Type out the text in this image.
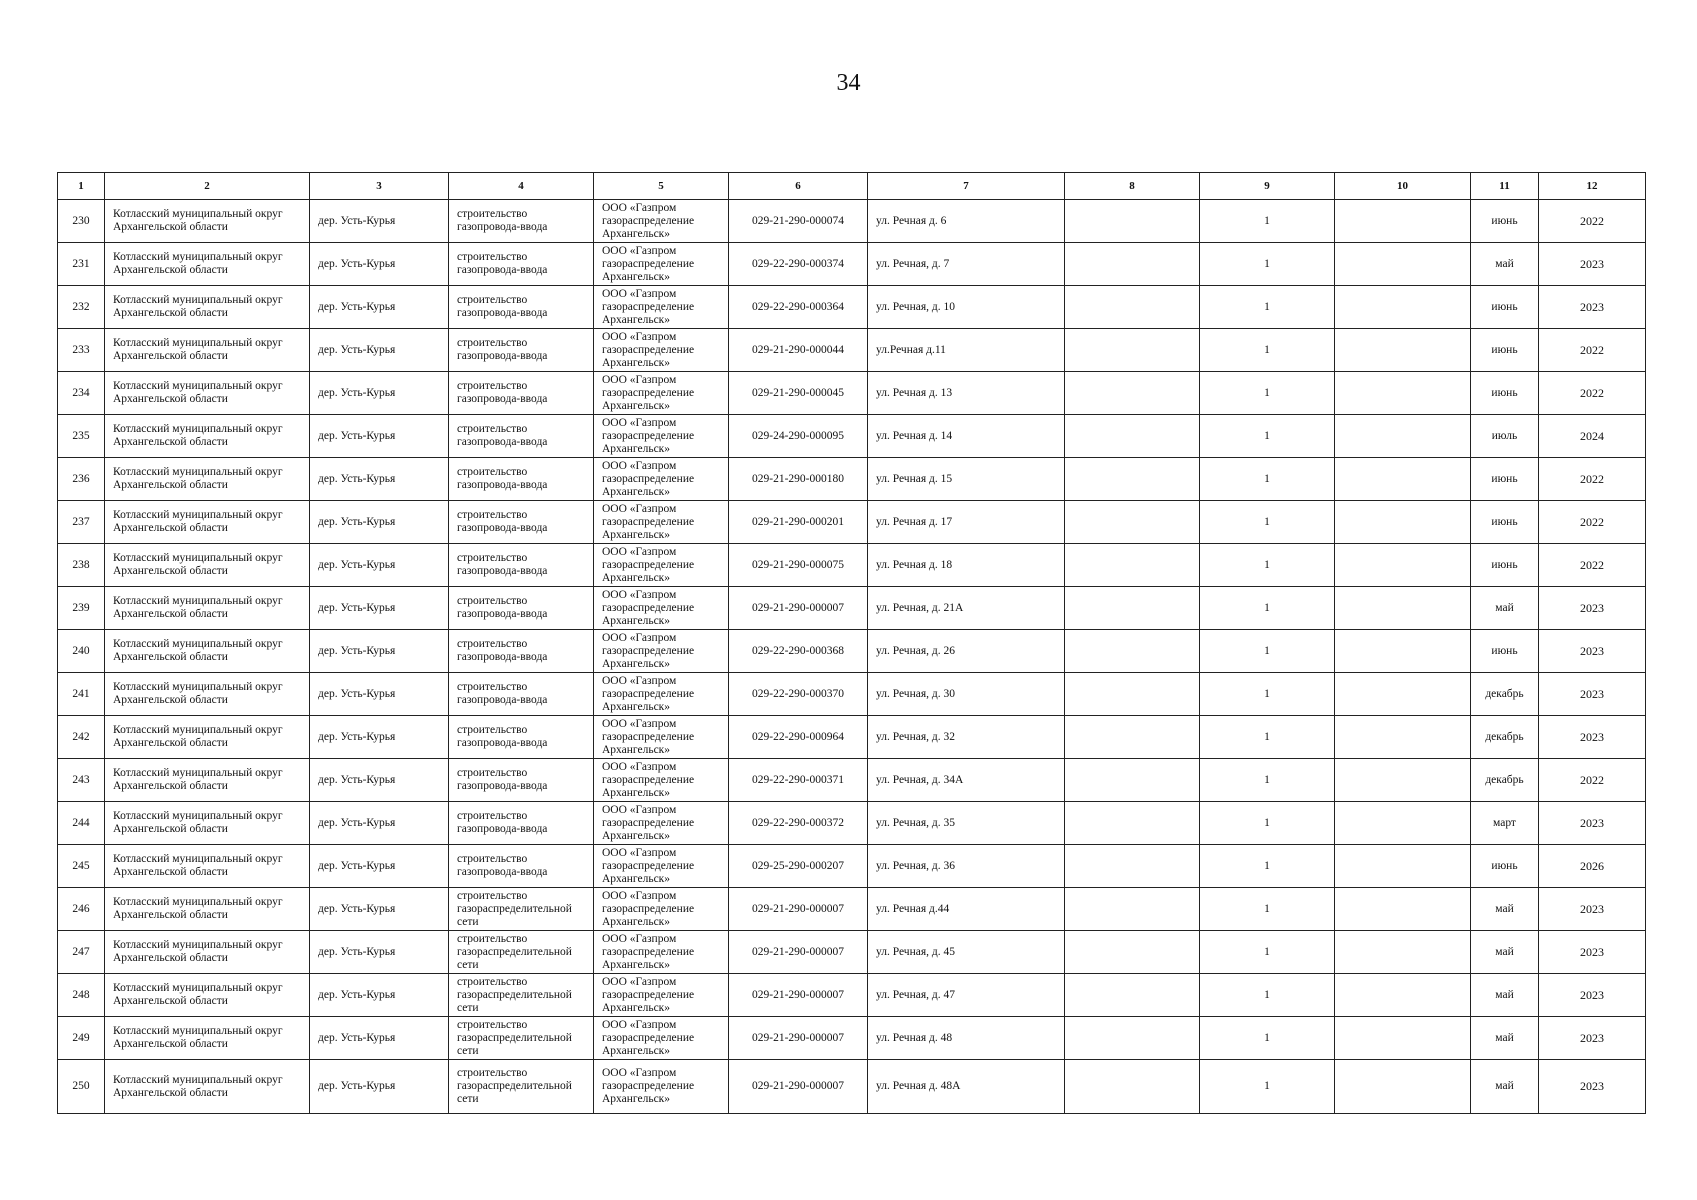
34
1	2	3	4	5	6	7	8	9	10	11	12
230	Котласский муниципальный округ Архангельской области	дер. Усть-Курья	строительство газопровода-ввода	ООО «Газпром газораспределение Архангельск»	029-21-290-000074	ул. Речная д. 6		1		июнь	2022
231	Котласский муниципальный округ Архангельской области	дер. Усть-Курья	строительство газопровода-ввода	ООО «Газпром газораспределение Архангельск»	029-22-290-000374	ул. Речная, д. 7		1		май	2023
232	Котласский муниципальный округ Архангельской области	дер. Усть-Курья	строительство газопровода-ввода	ООО «Газпром газораспределение Архангельск»	029-22-290-000364	ул. Речная, д. 10		1		июнь	2023
233	Котласский муниципальный округ Архангельской области	дер. Усть-Курья	строительство газопровода-ввода	ООО «Газпром газораспределение Архангельск»	029-21-290-000044	ул.Речная д.11		1		июнь	2022
234	Котласский муниципальный округ Архангельской области	дер. Усть-Курья	строительство газопровода-ввода	ООО «Газпром газораспределение Архангельск»	029-21-290-000045	ул. Речная д. 13		1		июнь	2022
235	Котласский муниципальный округ Архангельской области	дер. Усть-Курья	строительство газопровода-ввода	ООО «Газпром газораспределение Архангельск»	029-24-290-000095	ул. Речная д. 14		1		июль	2024
236	Котласский муниципальный округ Архангельской области	дер. Усть-Курья	строительство газопровода-ввода	ООО «Газпром газораспределение Архангельск»	029-21-290-000180	ул. Речная д. 15		1		июнь	2022
237	Котласский муниципальный округ Архангельской области	дер. Усть-Курья	строительство газопровода-ввода	ООО «Газпром газораспределение Архангельск»	029-21-290-000201	ул. Речная д. 17		1		июнь	2022
238	Котласский муниципальный округ Архангельской области	дер. Усть-Курья	строительство газопровода-ввода	ООО «Газпром газораспределение Архангельск»	029-21-290-000075	ул. Речная д. 18		1		июнь	2022
239	Котласский муниципальный округ Архангельской области	дер. Усть-Курья	строительство газопровода-ввода	ООО «Газпром газораспределение Архангельск»	029-21-290-000007	ул. Речная, д. 21А		1		май	2023
240	Котласский муниципальный округ Архангельской области	дер. Усть-Курья	строительство газопровода-ввода	ООО «Газпром газораспределение Архангельск»	029-22-290-000368	ул. Речная, д. 26		1		июнь	2023
241	Котласский муниципальный округ Архангельской области	дер. Усть-Курья	строительство газопровода-ввода	ООО «Газпром газораспределение Архангельск»	029-22-290-000370	ул. Речная, д. 30		1		декабрь	2023
242	Котласский муниципальный округ Архангельской области	дер. Усть-Курья	строительство газопровода-ввода	ООО «Газпром газораспределение Архангельск»	029-22-290-000964	ул. Речная, д. 32		1		декабрь	2023
243	Котласский муниципальный округ Архангельской области	дер. Усть-Курья	строительство газопровода-ввода	ООО «Газпром газораспределение Архангельск»	029-22-290-000371	ул. Речная, д. 34А		1		декабрь	2022
244	Котласский муниципальный округ Архангельской области	дер. Усть-Курья	строительство газопровода-ввода	ООО «Газпром газораспределение Архангельск»	029-22-290-000372	ул. Речная, д. 35		1		март	2023
245	Котласский муниципальный округ Архангельской области	дер. Усть-Курья	строительство газопровода-ввода	ООО «Газпром газораспределение Архангельск»	029-25-290-000207	ул. Речная, д. 36		1		июнь	2026
246	Котласский муниципальный округ Архангельской области	дер. Усть-Курья	строительство газораспределительной сети	ООО «Газпром газораспределение Архангельск»	029-21-290-000007	ул. Речная д.44		1		май	2023
247	Котласский муниципальный округ Архангельской области	дер. Усть-Курья	строительство газораспределительной сети	ООО «Газпром газораспределение Архангельск»	029-21-290-000007	ул. Речная, д. 45		1		май	2023
248	Котласский муниципальный округ Архангельской области	дер. Усть-Курья	строительство газораспределительной сети	ООО «Газпром газораспределение Архангельск»	029-21-290-000007	ул. Речная, д. 47		1		май	2023
249	Котласский муниципальный округ Архангельской области	дер. Усть-Курья	строительство газораспределительной сети	ООО «Газпром газораспределение Архангельск»	029-21-290-000007	ул. Речная д. 48		1		май	2023
250	Котласский муниципальный округ Архангельской области	дер. Усть-Курья	строительство газораспределительной сети	ООО «Газпром газораспределение Архангельск»	029-21-290-000007	ул. Речная д. 48А		1		май	2023
